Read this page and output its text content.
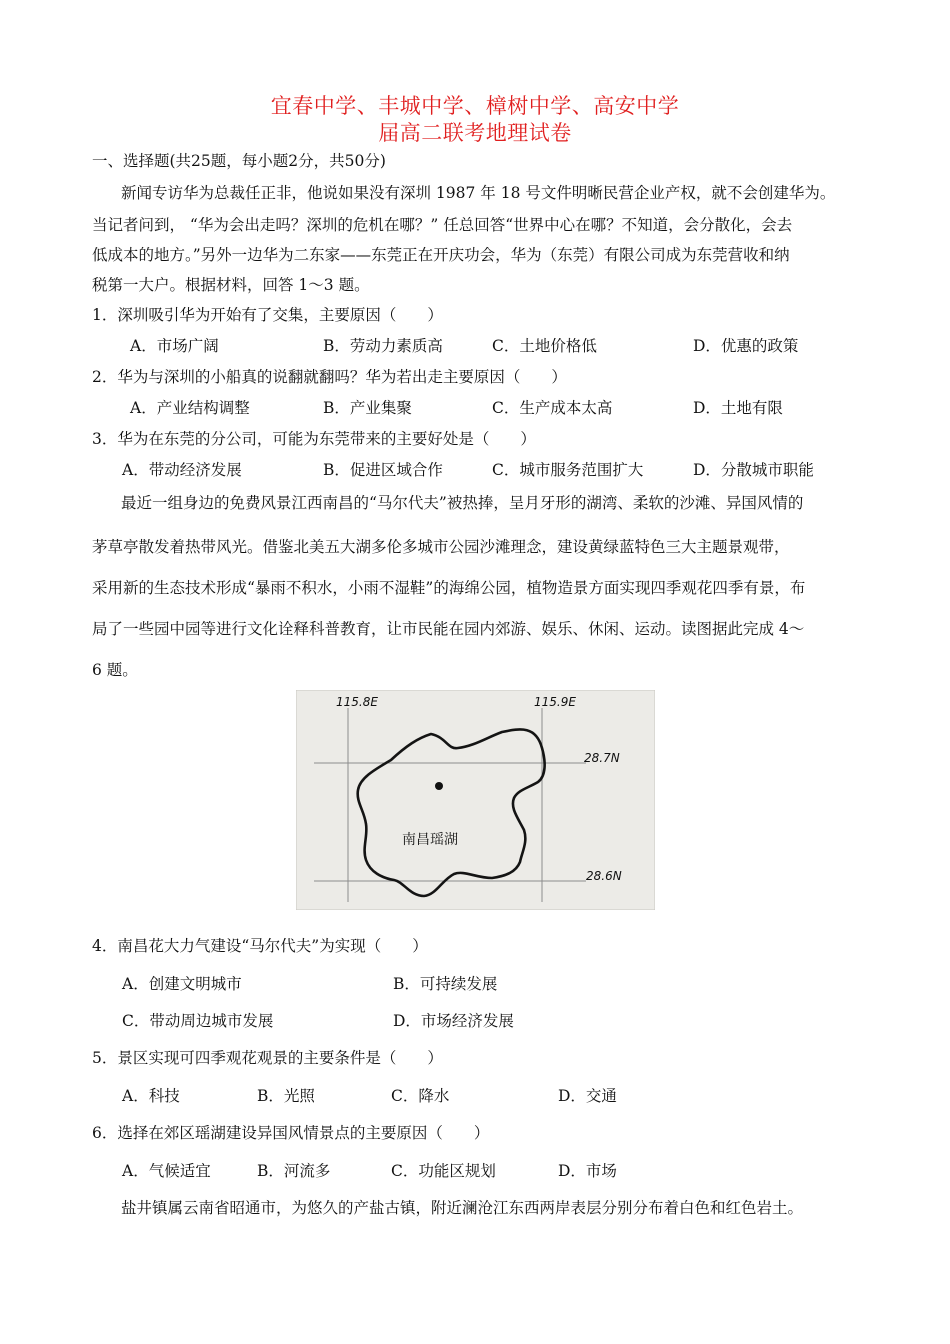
宜春中学、丰城中学、樟树中学、高安中学
届高二联考地理试卷
一、选择题(共25题，每小题2分，共50分)
新闻专访华为总裁任正非，他说如果没有深圳 1987 年 18 号文件明晰民营企业产权，就不会创建华为。
当记者问到， “华为会出走吗？深圳的危机在哪？” 任总回答“世界中心在哪？不知道，会分散化，会去
低成本的地方。”另外一边华为二东家——东莞正在开庆功会，华为（东莞）有限公司成为东莞营收和纳
税第一大户。根据材料，回答 1～3 题。
1．深圳吸引华为开始有了交集，主要原因（　　）
A．市场广阔	B．劳动力素质高	C．土地价格低	D．优惠的政策
2．华为与深圳的小船真的说翻就翻吗？华为若出走主要原因（　　）
A．产业结构调整	B．产业集聚	C．生产成本太高	D．土地有限
3．华为在东莞的分公司，可能为东莞带来的主要好处是（　　）
A．带动经济发展	B．促进区域合作	C．城市服务范围扩大	D．分散城市职能
最近一组身边的免费风景江西南昌的“马尔代夫”被热捧，呈月牙形的湖湾、柔软的沙滩、异国风情的
茅草亭散发着热带风光。借鉴北美五大湖多伦多城市公园沙滩理念，建设黄绿蓝特色三大主题景观带，
采用新的生态技术形成“暴雨不积水，小雨不湿鞋”的海绵公园，植物造景方面实现四季观花四季有景，布
局了一些园中园等进行文化诠释科普教育，让市民能在园内郊游、娱乐、休闲、运动。读图据此完成 4～
6 题。
115.8E	115.9E
28.7N
28.6N
南昌瑶湖
4．南昌花大力气建设“马尔代夫”为实现（　　）
A．创建文明城市	B．可持续发展
C．带动周边城市发展	D．市场经济发展
5．景区实现可四季观花观景的主要条件是（　　）
A．科技	B．光照	C．降水	D．交通
6．选择在郊区瑶湖建设异国风情景点的主要原因（　　）
A．气候适宜	B．河流多	C．功能区规划	D．市场
盐井镇属云南省昭通市，为悠久的产盐古镇，附近澜沧江东西两岸表层分别分布着白色和红色岩土。
